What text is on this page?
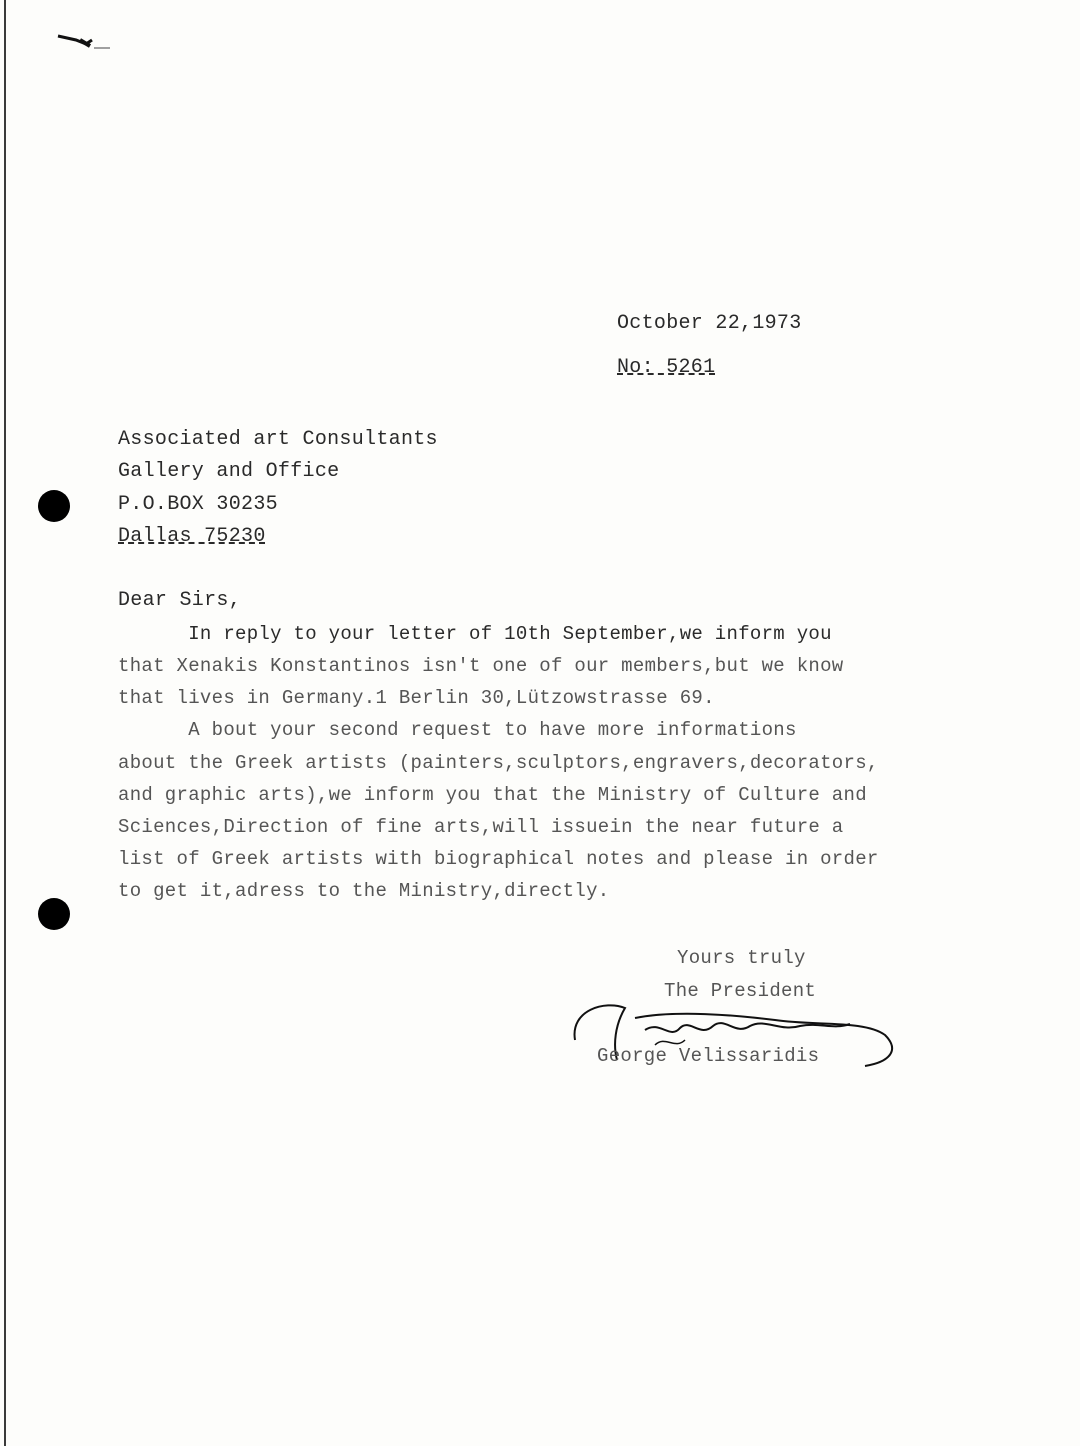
October 22,1973
No: 5261
Associated art Consultants
Gallery and Office
P.O.BOX 30235
Dallas 75230
Dear Sirs,
In reply to your letter of 10th September,we inform you
that Xenakis Konstantinos isn't one of our members,but we know
that lives in Germany.1 Berlin 30,Lützowstrasse 69.
A bout your second request to have more informations
about the Greek artists (painters,sculptors,engravers,decorators,
and graphic arts),we inform you that the Ministry of Culture and
Sciences,Direction of fine arts,will issuein the near future a
list of Greek artists with biographical notes and please in order
to get it,adress to the Ministry,directly.
Yours truly
The President
George Velissaridis
